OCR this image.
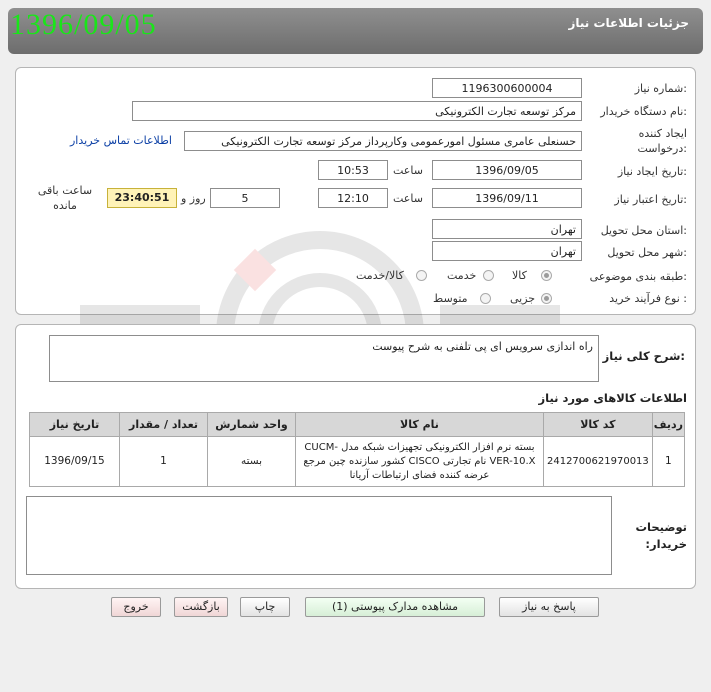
جزئیات اطلاعات نیاز
1396/09/05
شماره نیاز:
1196300600004
نام دستگاه خریدار:
مرکز توسعه تجارت الکترونیکی
ایجاد کننده درخواست:
حسنعلی عامری مسئول امورعمومی وکارپرداز مرکز توسعه تجارت الکترونیکی
اطلاعات تماس خریدار
تاریخ ایجاد نیاز:
1396/09/05
ساعت
10:53
تاریخ اعتبار نیاز:
1396/09/11
ساعت
12:10
5
روز و
23:40:51
ساعت باقی مانده
استان محل تحویل:
تهران
شهر محل تحویل:
تهران
طبقه بندی موضوعی:
کالا
خدمت
کالا/خدمت
نوع فرآیند خرید :
جزیی
متوسط
شرح کلی نیاز:
راه اندازی سرویس ای پی تلفنی به شرح پیوست
اطلاعات کالاهای مورد نیاز
ردیف	کد کالا	نام کالا	واحد شمارش	تعداد / مقدار	تاریخ نیاز
1	2412700621970013	بسته نرم افزار الکترونیکی تجهیزات شبکه مدل CUCM-VER-10.X نام تجارتی CISCO کشور سازنده چین مرجع عرضه کننده فضای ارتباطات آریانا	بسته	1	1396/09/15
توضیحات خریدار:
پاسخ به نیاز
مشاهده مدارک پیوستی (1)
چاپ
بازگشت
خروج
